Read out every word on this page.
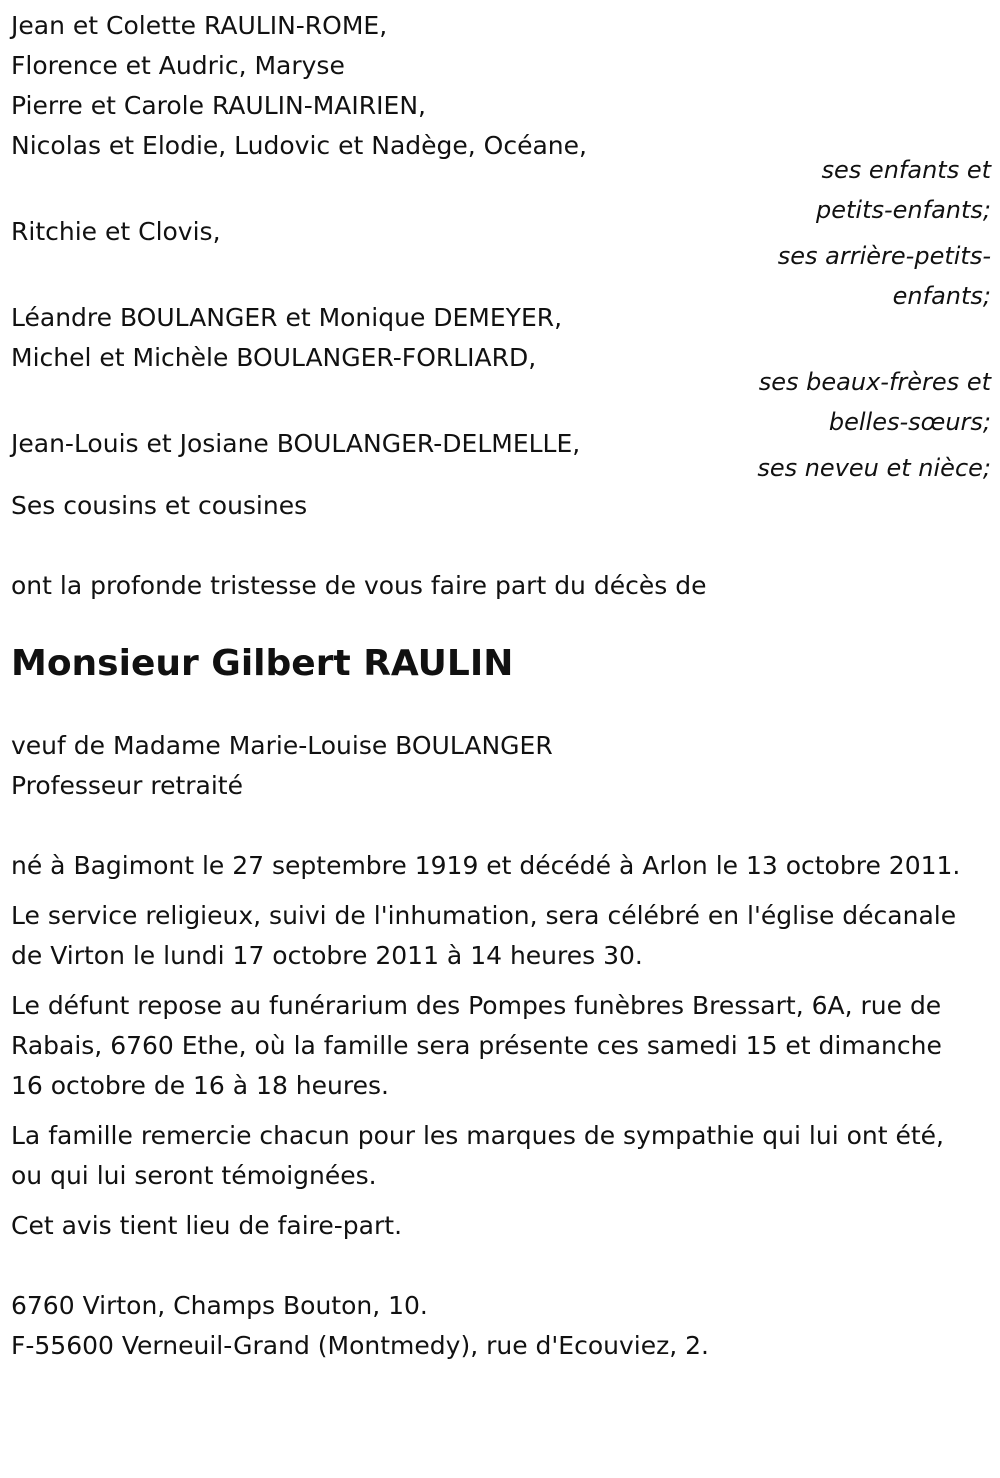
Jean et Colette RAULIN-ROME,
Florence et Audric, Maryse
Pierre et Carole RAULIN-MAIRIEN,
Nicolas et Elodie, Ludovic et Nadège, Océane,
ses enfants et
petits-enfants;
Ritchie et Clovis,
ses arrière-petits-
enfants;
Léandre BOULANGER et Monique DEMEYER,
Michel et Michèle BOULANGER-FORLIARD,
ses beaux-frères et
belles-sœurs;
Jean-Louis et Josiane BOULANGER-DELMELLE,
ses neveu et nièce;
Ses cousins et cousines
ont la profonde tristesse de vous faire part du décès de
Monsieur Gilbert RAULIN
veuf de Madame Marie-Louise BOULANGER
Professeur retraité
né à Bagimont le 27 septembre 1919 et décédé à Arlon le 13 octobre 2011.
Le service religieux, suivi de l'inhumation, sera célébré en l'église décanale de Virton le lundi 17 octobre 2011 à 14 heures 30.
Le défunt repose au funérarium des Pompes funèbres Bressart, 6A, rue de Rabais, 6760 Ethe, où la famille sera présente ces samedi 15 et dimanche 16 octobre de 16 à 18 heures.
La famille remercie chacun pour les marques de sympathie qui lui ont été, ou qui lui seront témoignées.
Cet avis tient lieu de faire-part.
6760 Virton, Champs Bouton, 10.
F-55600 Verneuil-Grand (Montmedy), rue d'Ecouviez, 2.
